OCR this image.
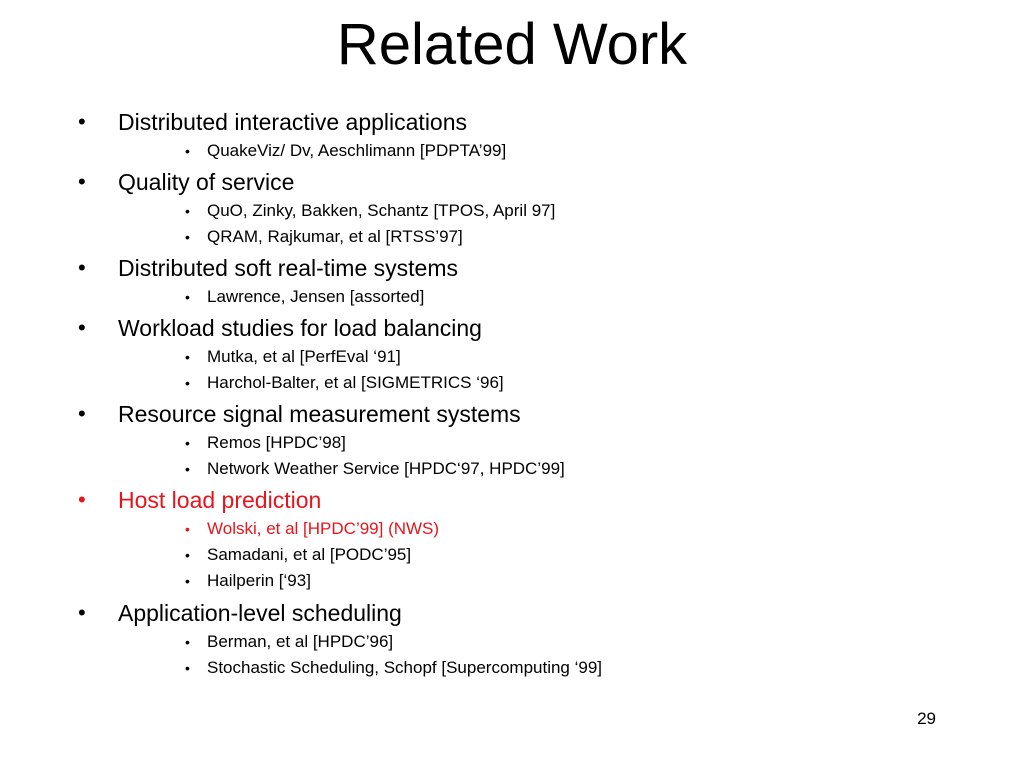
Related Work
• Distributed interactive applications
• QuakeViz/ Dv, Aeschlimann [PDPTA’99]
• Quality of service
• QuO, Zinky, Bakken, Schantz [TPOS, April 97]
• QRAM, Rajkumar, et al [RTSS’97]
• Distributed soft real-time systems
• Lawrence, Jensen [assorted]
• Workload studies for load balancing
• Mutka, et al [PerfEval ‘91]
• Harchol-Balter, et al [SIGMETRICS ‘96]
• Resource signal measurement systems
• Remos [HPDC’98]
• Network Weather Service [HPDC‘97, HPDC’99]
• Host load prediction
• Wolski, et al [HPDC’99] (NWS)
• Samadani, et al [PODC’95]
• Hailperin [‘93]
• Application-level scheduling
• Berman, et al [HPDC’96]
• Stochastic Scheduling, Schopf [Supercomputing ‘99]
29
